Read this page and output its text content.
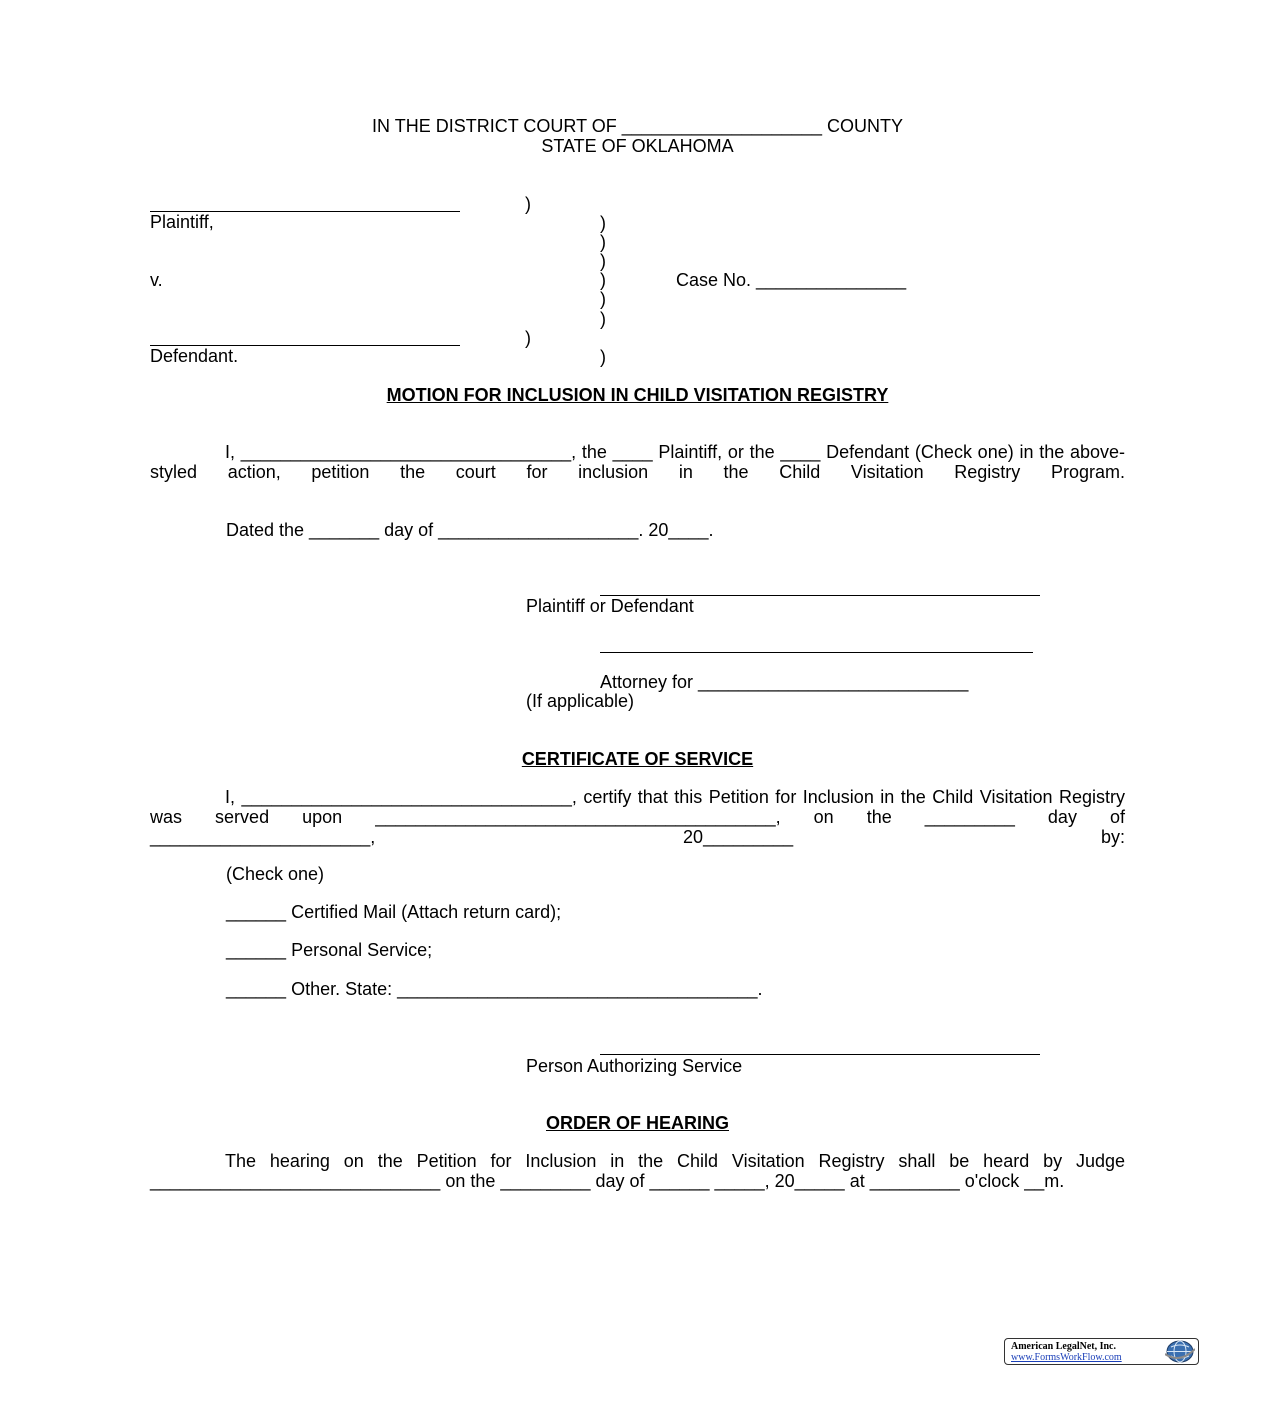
IN THE DISTRICT COURT OF ____________________ COUNTY
STATE OF OKLAHOMA
Plaintiff,
v.
Defendant.
)
)
)
)
)
)
)
)
)
Case No. _______________
MOTION FOR INCLUSION IN CHILD VISITATION REGISTRY
I, _________________________________, the ____ Plaintiff, or the ____ Defendant (Check one) in the above-styled action, petition the court for inclusion in the Child Visitation Registry Program.
Dated the _______ day of ____________________. 20____.
Plaintiff or Defendant
Attorney for ___________________________
(If applicable)
CERTIFICATE OF SERVICE
I, _________________________________, certify that this Petition for Inclusion in the Child Visitation Registry was served upon ________________________________________, on the _________ day of ______________________, 20_________ by:
(Check one)
______ Certified Mail (Attach return card);
______ Personal Service;
______ Other. State: ____________________________________.
Person Authorizing Service
ORDER OF HEARING
The hearing on the Petition for Inclusion in the Child Visitation Registry shall be heard by Judge _____________________________ on the _________ day of ______ _____, 20_____ at _________ o'clock __m.
American LegalNet, Inc.
www.FormsWorkFlow.com
